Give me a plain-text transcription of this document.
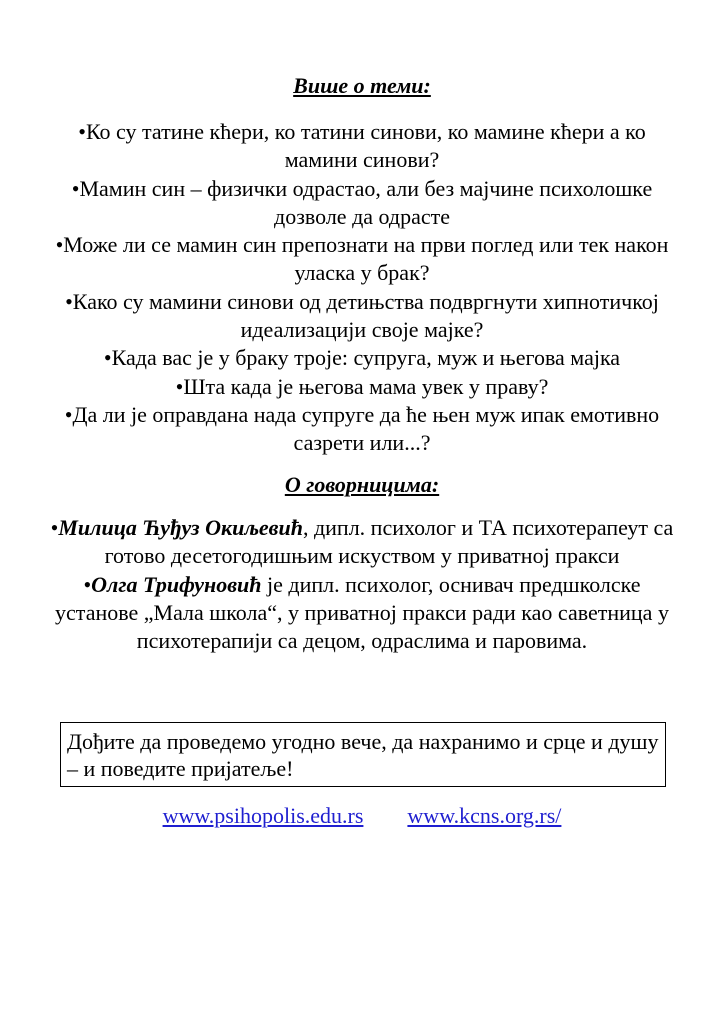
Више о теми:
•Ко су татине кћери, ко татини синови, ко мамине кћери а ко мамини синови?
•Мамин син – физички одрастао, али без мајчине психолошке дозволе да одрасте
•Може ли се мамин син препознати на први поглед или тек након уласка у брак?
•Како су мамини синови од детињства подвргнути хипнотичкој идеализацији своје мајке?
•Када вас је у браку троје: супруга, муж и његова мајка
•Шта када је његова мама увек у праву?
•Да ли је оправдана нада супруге да ће њен муж ипак емотивно сазрети или...?
О говорницима:

•Милица Ћуђуз Окиљевић, дипл. психолог и ТА психотерапеут са готово десетогодишњим искуством у приватној пракси

•Олга Трифуновић је дипл. психолог, оснивач предшколске установе „Мала школа“, у приватној пракси ради као саветница у психотерапији са децом, одраслима и паровима.

Дођите да проведемо угодно вече, да нахранимо и срце и душу – и поведите пријатеље!
www.psihopolis.edu.rs www.kcns.org.rs/
